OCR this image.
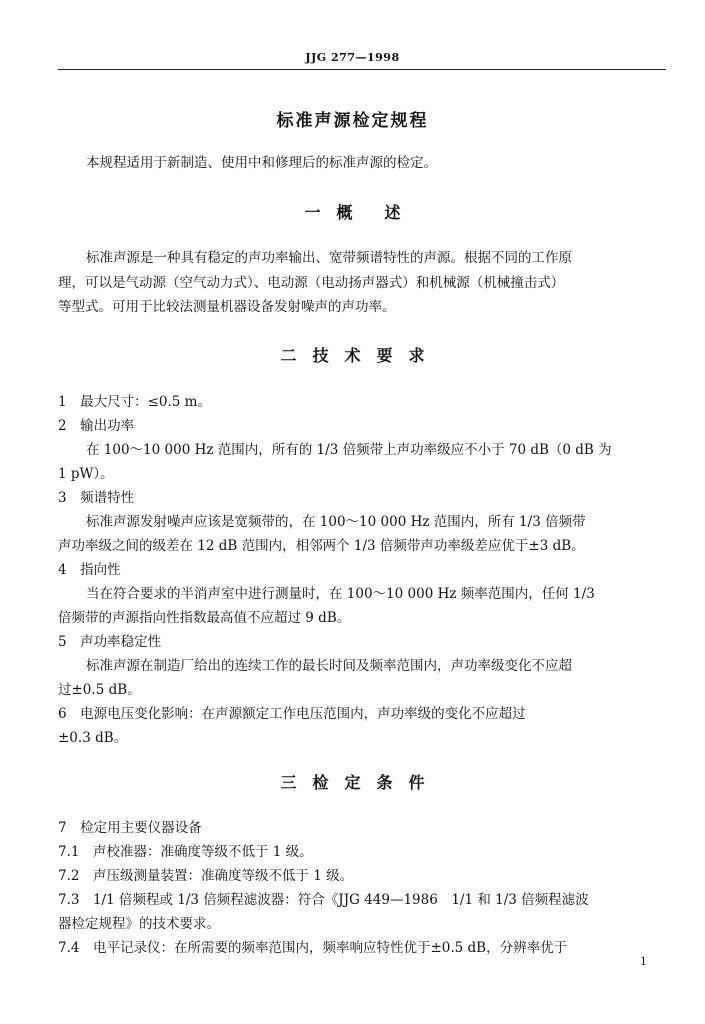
JJG 277—1998
标准声源检定规程
本规程适用于新制造、使用中和修理后的标准声源的检定。
一　概　　述
标准声源是一种具有稳定的声功率输出、宽带频谱特性的声源。根据不同的工作原
理，可以是气动源（空气动力式）、电动源（电动扬声器式）和机械源（机械撞击式）
等型式。可用于比较法测量机器设备发射噪声的声功率。
二　技　术　要　求
1　最大尺寸：≤0.5 m。
2　输出功率
在 100～10 000 Hz 范围内，所有的 1/3 倍频带上声功率级应不小于 70 dB（0 dB 为
1 pW）。
3　频谱特性
标准声源发射噪声应该是宽频带的，在 100～10 000 Hz 范围内，所有 1/3 倍频带
声功率级之间的级差在 12 dB 范围内，相邻两个 1/3 倍频带声功率级差应优于±3 dB。
4　指向性
当在符合要求的半消声室中进行测量时，在 100～10 000 Hz 频率范围内，任何 1/3
倍频带的声源指向性指数最高值不应超过 9 dB。
5　声功率稳定性
标准声源在制造厂给出的连续工作的最长时间及频率范围内，声功率级变化不应超
过±0.5 dB。
6　电源电压变化影响：在声源额定工作电压范围内，声功率级的变化不应超过
±0.3 dB。
三　检　定　条　件
7　检定用主要仪器设备
7.1　声校准器：准确度等级不低于 1 级。
7.2　声压级测量装置：准确度等级不低于 1 级。
7.3　1/1 倍频程或 1/3 倍频程滤波器：符合《JJG 449—1986　1/1 和 1/3 倍频程滤波
器检定规程》的技术要求。
7.4　电平记录仪：在所需要的频率范围内，频率响应特性优于±0.5 dB，分辨率优于
1
